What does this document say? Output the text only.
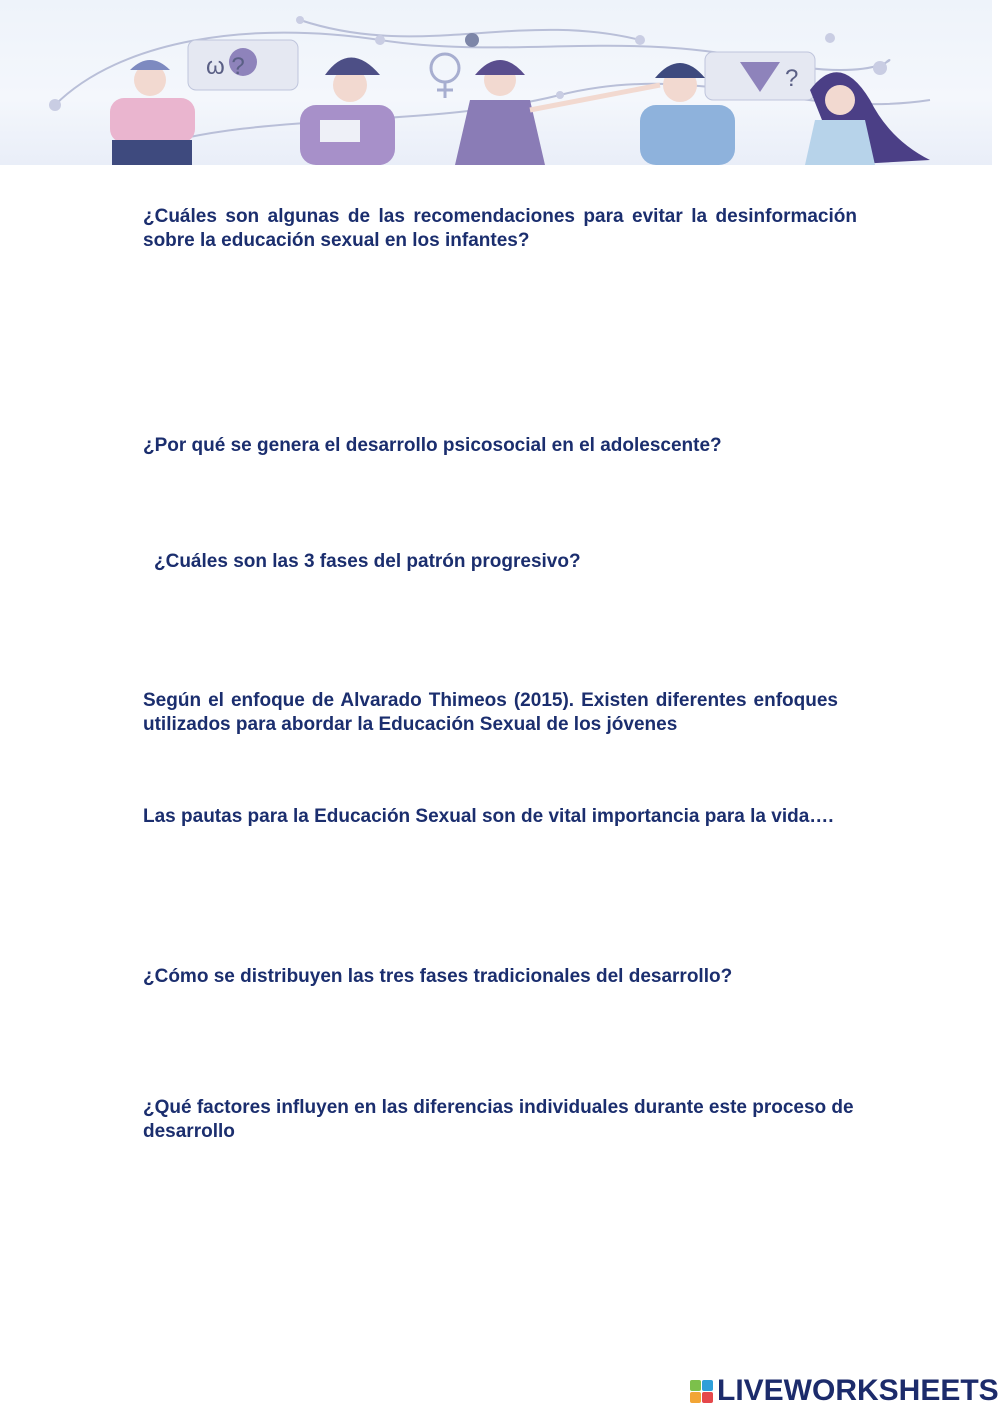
ω ?	?

¿Cuáles son algunas de las recomendaciones para evitar la desinformación sobre la educación sexual en los infantes?

¿Por qué se genera el desarrollo psicosocial en el adolescente?

¿Cuáles son las 3 fases del patrón progresivo?

Según el enfoque de Alvarado Thimeos (2015). Existen diferentes enfoques utilizados para abordar la Educación Sexual de los jóvenes

Las pautas para la Educación Sexual son de vital importancia para la vida….

¿Cómo se distribuyen las tres fases tradicionales del desarrollo?

¿Qué factores influyen en las diferencias individuales durante este proceso de desarrollo

LIVEWORKSHEETS
